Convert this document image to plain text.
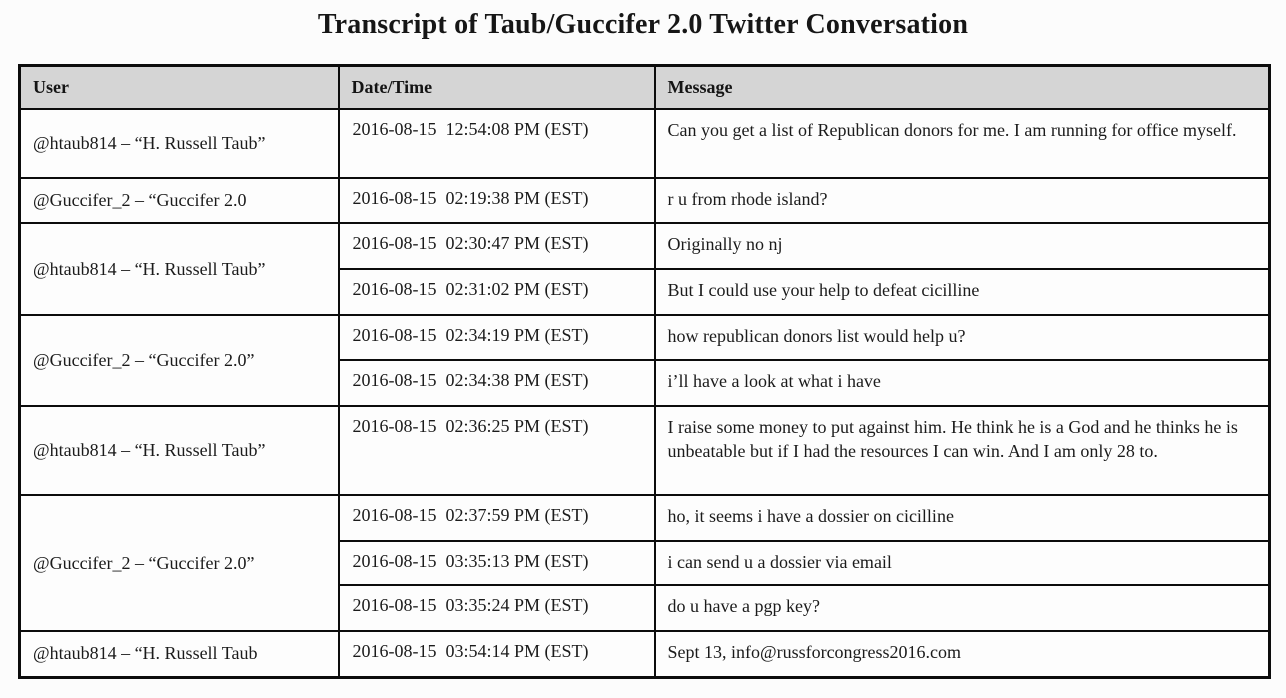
Transcript of Taub/Guccifer 2.0 Twitter Conversation
User	Date/Time	Message
@htaub814 – “H. Russell Taub”	2016-08-15  12:54:08 PM (EST)	Can you get a list of Republican donors for me. I am running for office myself.
@Guccifer_2 – “Guccifer 2.0	2016-08-15  02:19:38 PM (EST)	r u from rhode island?
@htaub814 – “H. Russell Taub”	2016-08-15  02:30:47 PM (EST)	Originally no nj
	2016-08-15  02:31:02 PM (EST)	But I could use your help to defeat cicilline
@Guccifer_2 – “Guccifer 2.0”	2016-08-15  02:34:19 PM (EST)	how republican donors list would help u?
	2016-08-15  02:34:38 PM (EST)	i’ll have a look at what i have
@htaub814 – “H. Russell Taub”	2016-08-15  02:36:25 PM (EST)	I raise some money to put against him. He think he is a God and he thinks he is unbeatable but if I had the resources I can win. And I am only 28 to.
@Guccifer_2 – “Guccifer 2.0”	2016-08-15  02:37:59 PM (EST)	ho, it seems i have a dossier on cicilline
	2016-08-15  03:35:13 PM (EST)	i can send u a dossier via email
	2016-08-15  03:35:24 PM (EST)	do u have a pgp key?
@htaub814 – “H. Russell Taub	2016-08-15  03:54:14 PM (EST)	Sept 13, info@russforcongress2016.com
